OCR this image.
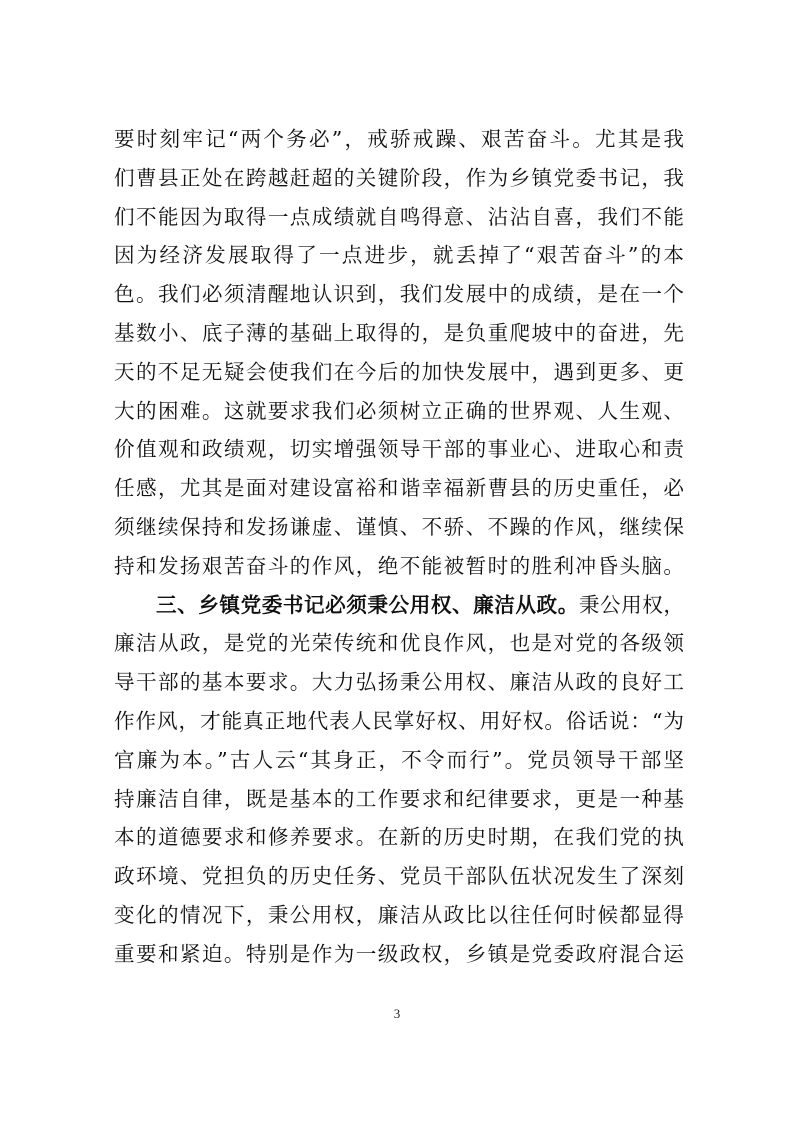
要时刻牢记“两个务必”，戒骄戒躁、艰苦奋斗。尤其是我
们曹县正处在跨越赶超的关键阶段，作为乡镇党委书记，我
们不能因为取得一点成绩就自鸣得意、沾沾自喜，我们不能
因为经济发展取得了一点进步，就丢掉了“艰苦奋斗”的本
色。我们必须清醒地认识到，我们发展中的成绩，是在一个
基数小、底子薄的基础上取得的，是负重爬坡中的奋进，先
天的不足无疑会使我们在今后的加快发展中，遇到更多、更
大的困难。这就要求我们必须树立正确的世界观、人生观、
价值观和政绩观，切实增强领导干部的事业心、进取心和责
任感，尤其是面对建设富裕和谐幸福新曹县的历史重任，必
须继续保持和发扬谦虚、谨慎、不骄、不躁的作风，继续保
持和发扬艰苦奋斗的作风，绝不能被暂时的胜利冲昏头脑。
三、乡镇党委书记必须秉公用权、廉洁从政。秉公用权，
廉洁从政，是党的光荣传统和优良作风，也是对党的各级领
导干部的基本要求。大力弘扬秉公用权、廉洁从政的良好工
作作风，才能真正地代表人民掌好权、用好权。俗话说：“为
官廉为本。”古人云“其身正，不令而行”。党员领导干部坚
持廉洁自律，既是基本的工作要求和纪律要求，更是一种基
本的道德要求和修养要求。在新的历史时期，在我们党的执
政环境、党担负的历史任务、党员干部队伍状况发生了深刻
变化的情况下，秉公用权，廉洁从政比以往任何时候都显得
重要和紧迫。特别是作为一级政权，乡镇是党委政府混合运
3
